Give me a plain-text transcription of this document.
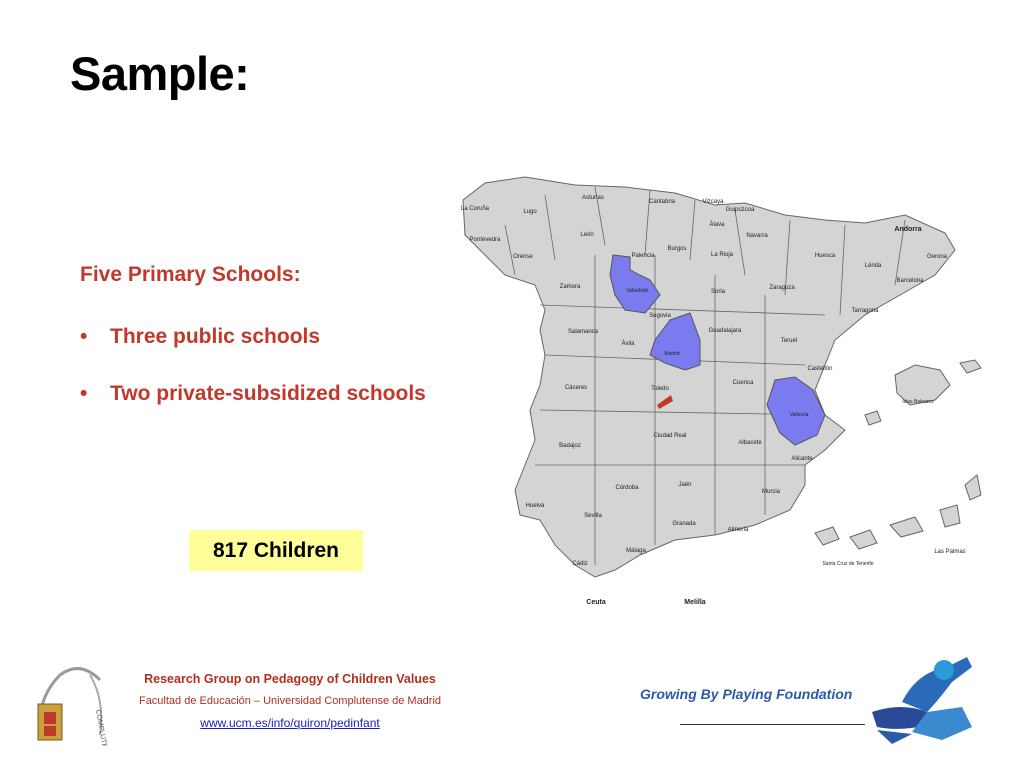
Sample:

Five Primary Schools:

• Three public schools
• Two private-subsidized schools
817 Children
La Coruña	Lugo
Asturias
Cantabria	Vizcaya
Guipúzcoa
Álava
Navarra
Pontevedra
Orense
León
Palencia
Burgos
La Rioja	Huesca
Lérida
Gerona
Barcelona
Andorra
Zamora
Valladolid	Soria
Zaragoza
Tarragona
Salamanca
Segovia
Guadalajara
Teruel
Ávila
Madrid
Castellón
Cáceres	Toledo
Cuenca
Islas Baleares
Valencia
Badajoz
Ciudad Real
Albacete
Alicante
Córdoba	Jaén
Murcia
Huelva
Sevilla
Granada
Almería
Málaga
Cádiz
Las Palmas
Santa Cruz de Tenerife
Ceuta	Melilla
COMPLUTENSIS

Research Group on Pedagogy of Children Values

Facultad de Educación – Universidad Complutense de Madrid

www.ucm.es/info/quiron/pedinfant

Growing By Playing Foundation
